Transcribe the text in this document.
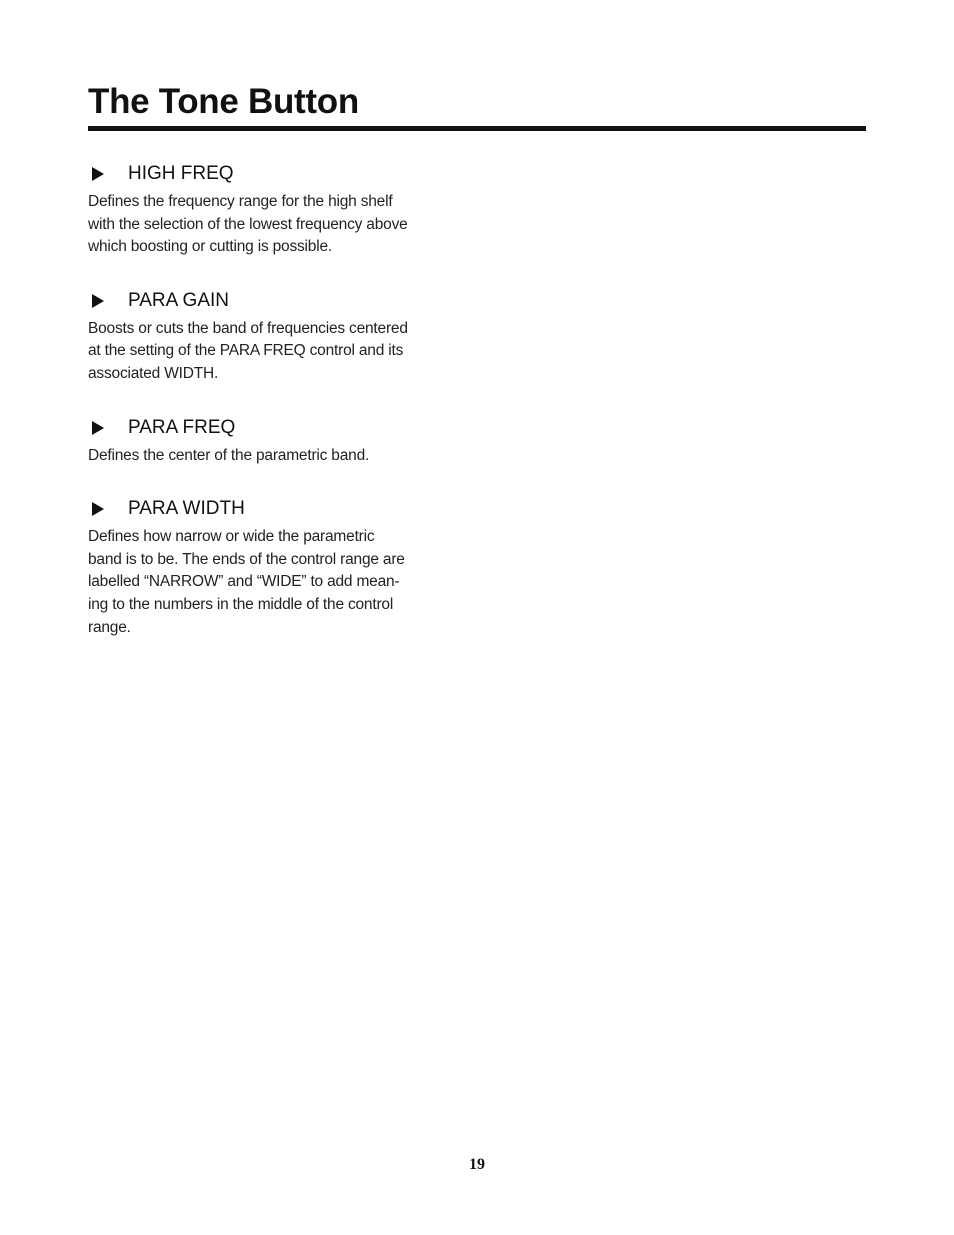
The Tone Button
HIGH FREQ

Defines the frequency range for the high shelf
with the selection of the lowest frequency above
which boosting or cutting is possible.

PARA GAIN

Boosts or cuts the band of frequencies centered
at the setting of the PARA FREQ control and its
associated WIDTH.

PARA FREQ

Defines the center of the parametric band.

PARA WIDTH

Defines how narrow or wide the parametric
band is to be. The ends of the control range are
labelled “NARROW” and “WIDE” to add mean-
ing to the numbers in the middle of the control
range.

19
